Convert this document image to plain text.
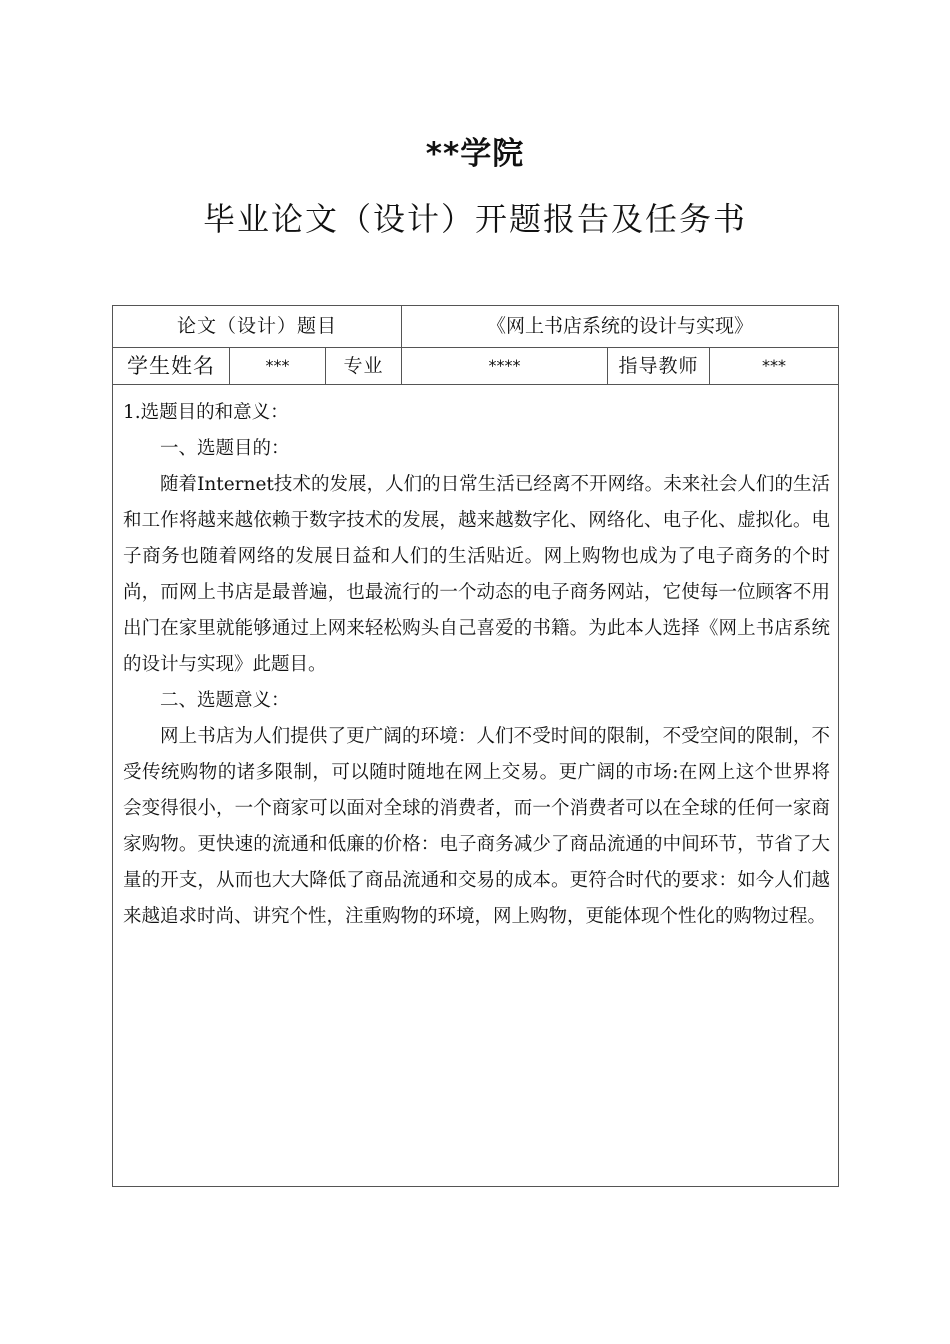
**学院
毕业论文（设计）开题报告及任务书
论文（设计）题目			《网上书店系统的设计与实现》		
学生姓名	***	专业	****	指导教师	***

1.选题目的和意义：

一、选题目的：

随着Internet技术的发展，人们的日常生活已经离不开网络。未来社会人们的生活和工作将越来越依赖于数字技术的发展，越来越数字化、网络化、电子化、虚拟化。电子商务也随着网络的发展日益和人们的生活贴近。网上购物也成为了电子商务的个时尚，而网上书店是最普遍，也最流行的一个动态的电子商务网站，它使每一位顾客不用出门在家里就能够通过上网来轻松购头自己喜爱的书籍。为此本人选择《网上书店系统的设计与实现》此题目。

二、选题意义：

网上书店为人们提供了更广阔的环境：人们不受时间的限制，不受空间的限制，不受传统购物的诸多限制，可以随时随地在网上交易。更广阔的市场:在网上这个世界将会变得很小，一个商家可以面对全球的消费者，而一个消费者可以在全球的任何一家商家购物。更快速的流通和低廉的价格：电子商务减少了商品流通的中间环节，节省了大量的开支，从而也大大降低了商品流通和交易的成本。更符合时代的要求：如今人们越来越追求时尚、讲究个性，注重购物的环境，网上购物，更能体现个性化的购物过程。					
